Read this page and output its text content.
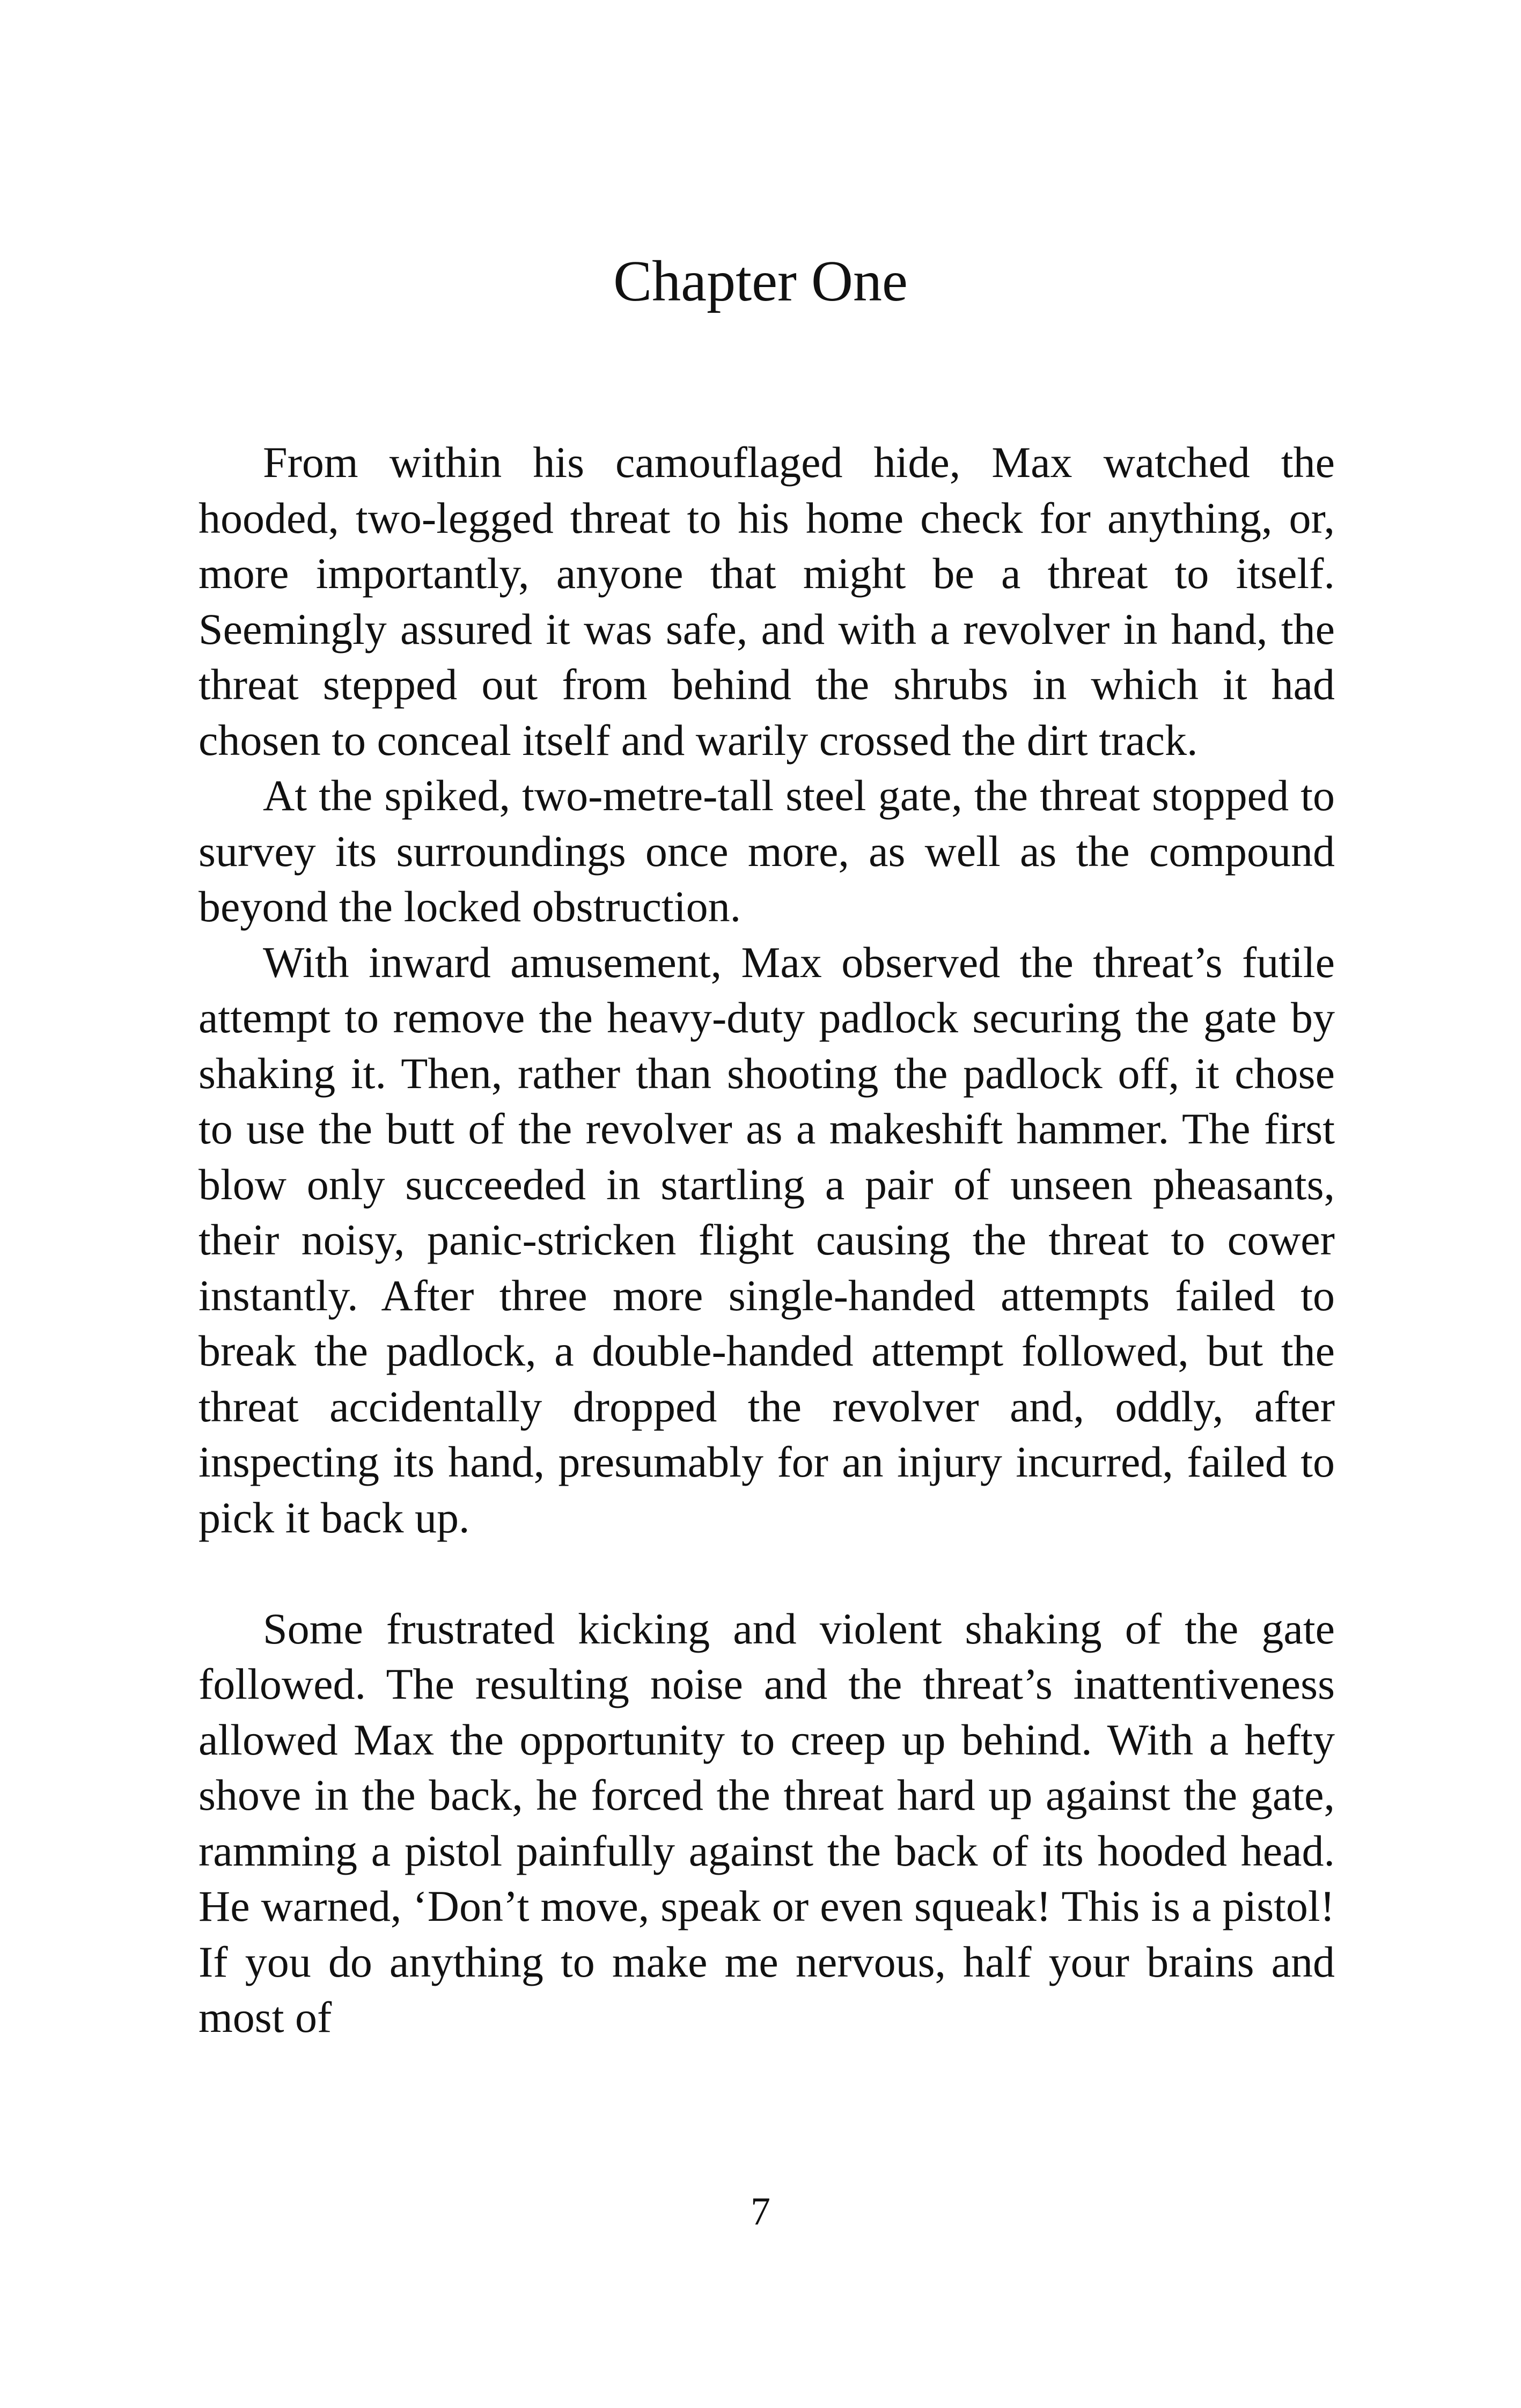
Chapter One

From within his camouflaged hide, Max watched the hooded, two-legged threat to his home check for anything, or, more importantly, anyone that might be a threat to itself. Seemingly assured it was safe, and with a revolver in hand, the threat stepped out from behind the shrubs in which it had chosen to conceal itself and warily crossed the dirt track.

At the spiked, two-metre-tall steel gate, the threat stopped to survey its surroundings once more, as well as the compound beyond the locked obstruction.

With inward amusement, Max observed the threat’s futile attempt to remove the heavy-duty padlock securing the gate by shaking it. Then, rather than shooting the padlock off, it chose to use the butt of the revolver as a makeshift hammer. The first blow only succeeded in startling a pair of unseen pheasants, their noisy, panic-stricken flight causing the threat to cower instantly. After three more single-handed attempts failed to break the padlock, a double-handed attempt followed, but the threat accidentally dropped the revolver and, oddly, after inspecting its hand, presumably for an injury incurred, failed to pick it back up.

Some frustrated kicking and violent shaking of the gate followed. The resulting noise and the threat’s inattentiveness allowed Max the opportunity to creep up behind. With a hefty shove in the back, he forced the threat hard up against the gate, ramming a pistol painfully against the back of its hooded head. He warned, ‘Don’t move, speak or even squeak! This is a pistol! If you do anything to make me nervous, half your brains and most of

7
